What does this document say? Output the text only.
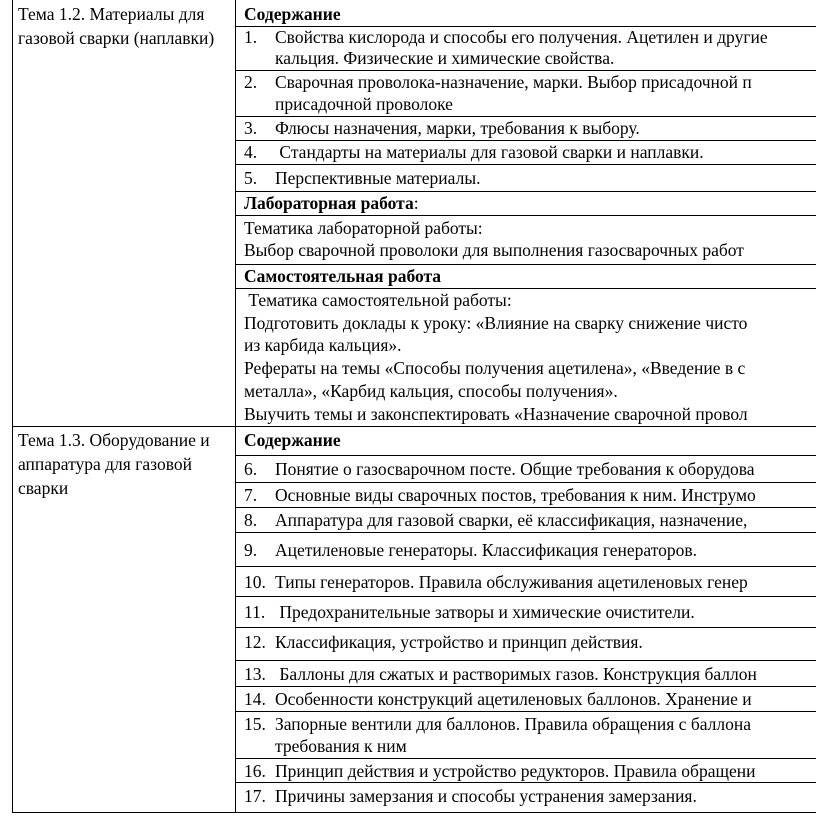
Тема 1.2. Материалы для газовой сварки (наплавки)
Содержание
1. Свойства кислорода и способы его получения. Ацетилен и другие
кальция. Физические и химические свойства.
2. Сварочная проволока-назначение, марки. Выбор присадочной п
присадочной проволоке
3. Флюсы назначения, марки, требования к выбору.
4. Стандарты на материалы для газовой сварки и наплавки.
5. Перспективные материалы.
Лабораторная работа:
Тематика лабораторной работы:
Выбор сварочной проволоки для выполнения газосварочных работ
Самостоятельная работа
Тематика самостоятельной работы:
Подготовить доклады к уроку: «Влияние на сварку снижение чисто
из карбида кальция».
Рефераты на темы «Способы получения ацетилена», «Введение в с
металла», «Карбид кальция, способы получения».
Выучить темы и законспектировать «Назначение сварочной провол
Тема 1.3. Оборудование и аппаратура для газовой сварки
Содержание
6. Понятие о газосварочном посте. Общие требования к оборудова
7. Основные виды сварочных постов, требования к ним. Инструмо
8. Аппаратура для газовой сварки, её классификация, назначение,
9. Ацетиленовые генераторы. Классификация генераторов.
10. Типы генераторов. Правила обслуживания ацетиленовых генер
11. Предохранительные затворы и химические очистители.
12. Классификация, устройство и принцип действия.
13. Баллоны для сжатых и растворимых газов. Конструкция баллон
14. Особенности конструкций ацетиленовых баллонов. Хранение и
15. Запорные вентили для баллонов. Правила обращения с баллона
требования к ним
16. Принцип действия и устройство редукторов. Правила обращени
17. Причины замерзания и способы устранения замерзания.
